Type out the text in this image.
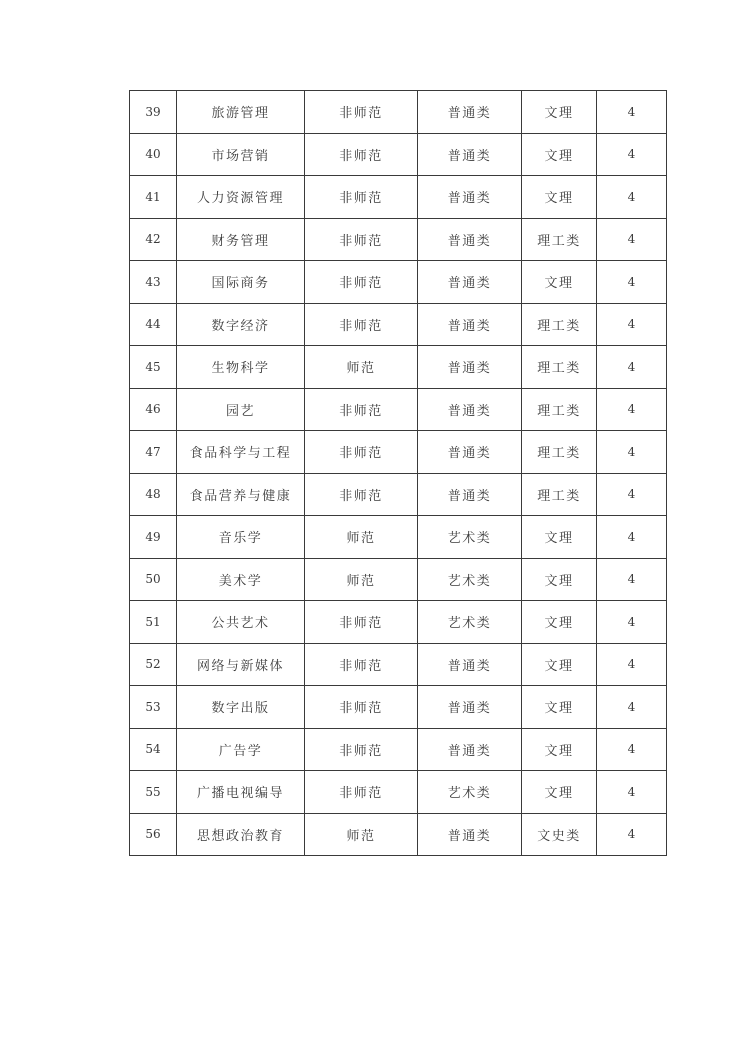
39	旅游管理	非师范	普通类	文理	4
40	市场营销	非师范	普通类	文理	4
41	人力资源管理	非师范	普通类	文理	4
42	财务管理	非师范	普通类	理工类	4
43	国际商务	非师范	普通类	文理	4
44	数字经济	非师范	普通类	理工类	4
45	生物科学	师范	普通类	理工类	4
46	园艺	非师范	普通类	理工类	4
47	食品科学与工程	非师范	普通类	理工类	4
48	食品营养与健康	非师范	普通类	理工类	4
49	音乐学	师范	艺术类	文理	4
50	美术学	师范	艺术类	文理	4
51	公共艺术	非师范	艺术类	文理	4
52	网络与新媒体	非师范	普通类	文理	4
53	数字出版	非师范	普通类	文理	4
54	广告学	非师范	普通类	文理	4
55	广播电视编导	非师范	艺术类	文理	4
56	思想政治教育	师范	普通类	文史类	4
